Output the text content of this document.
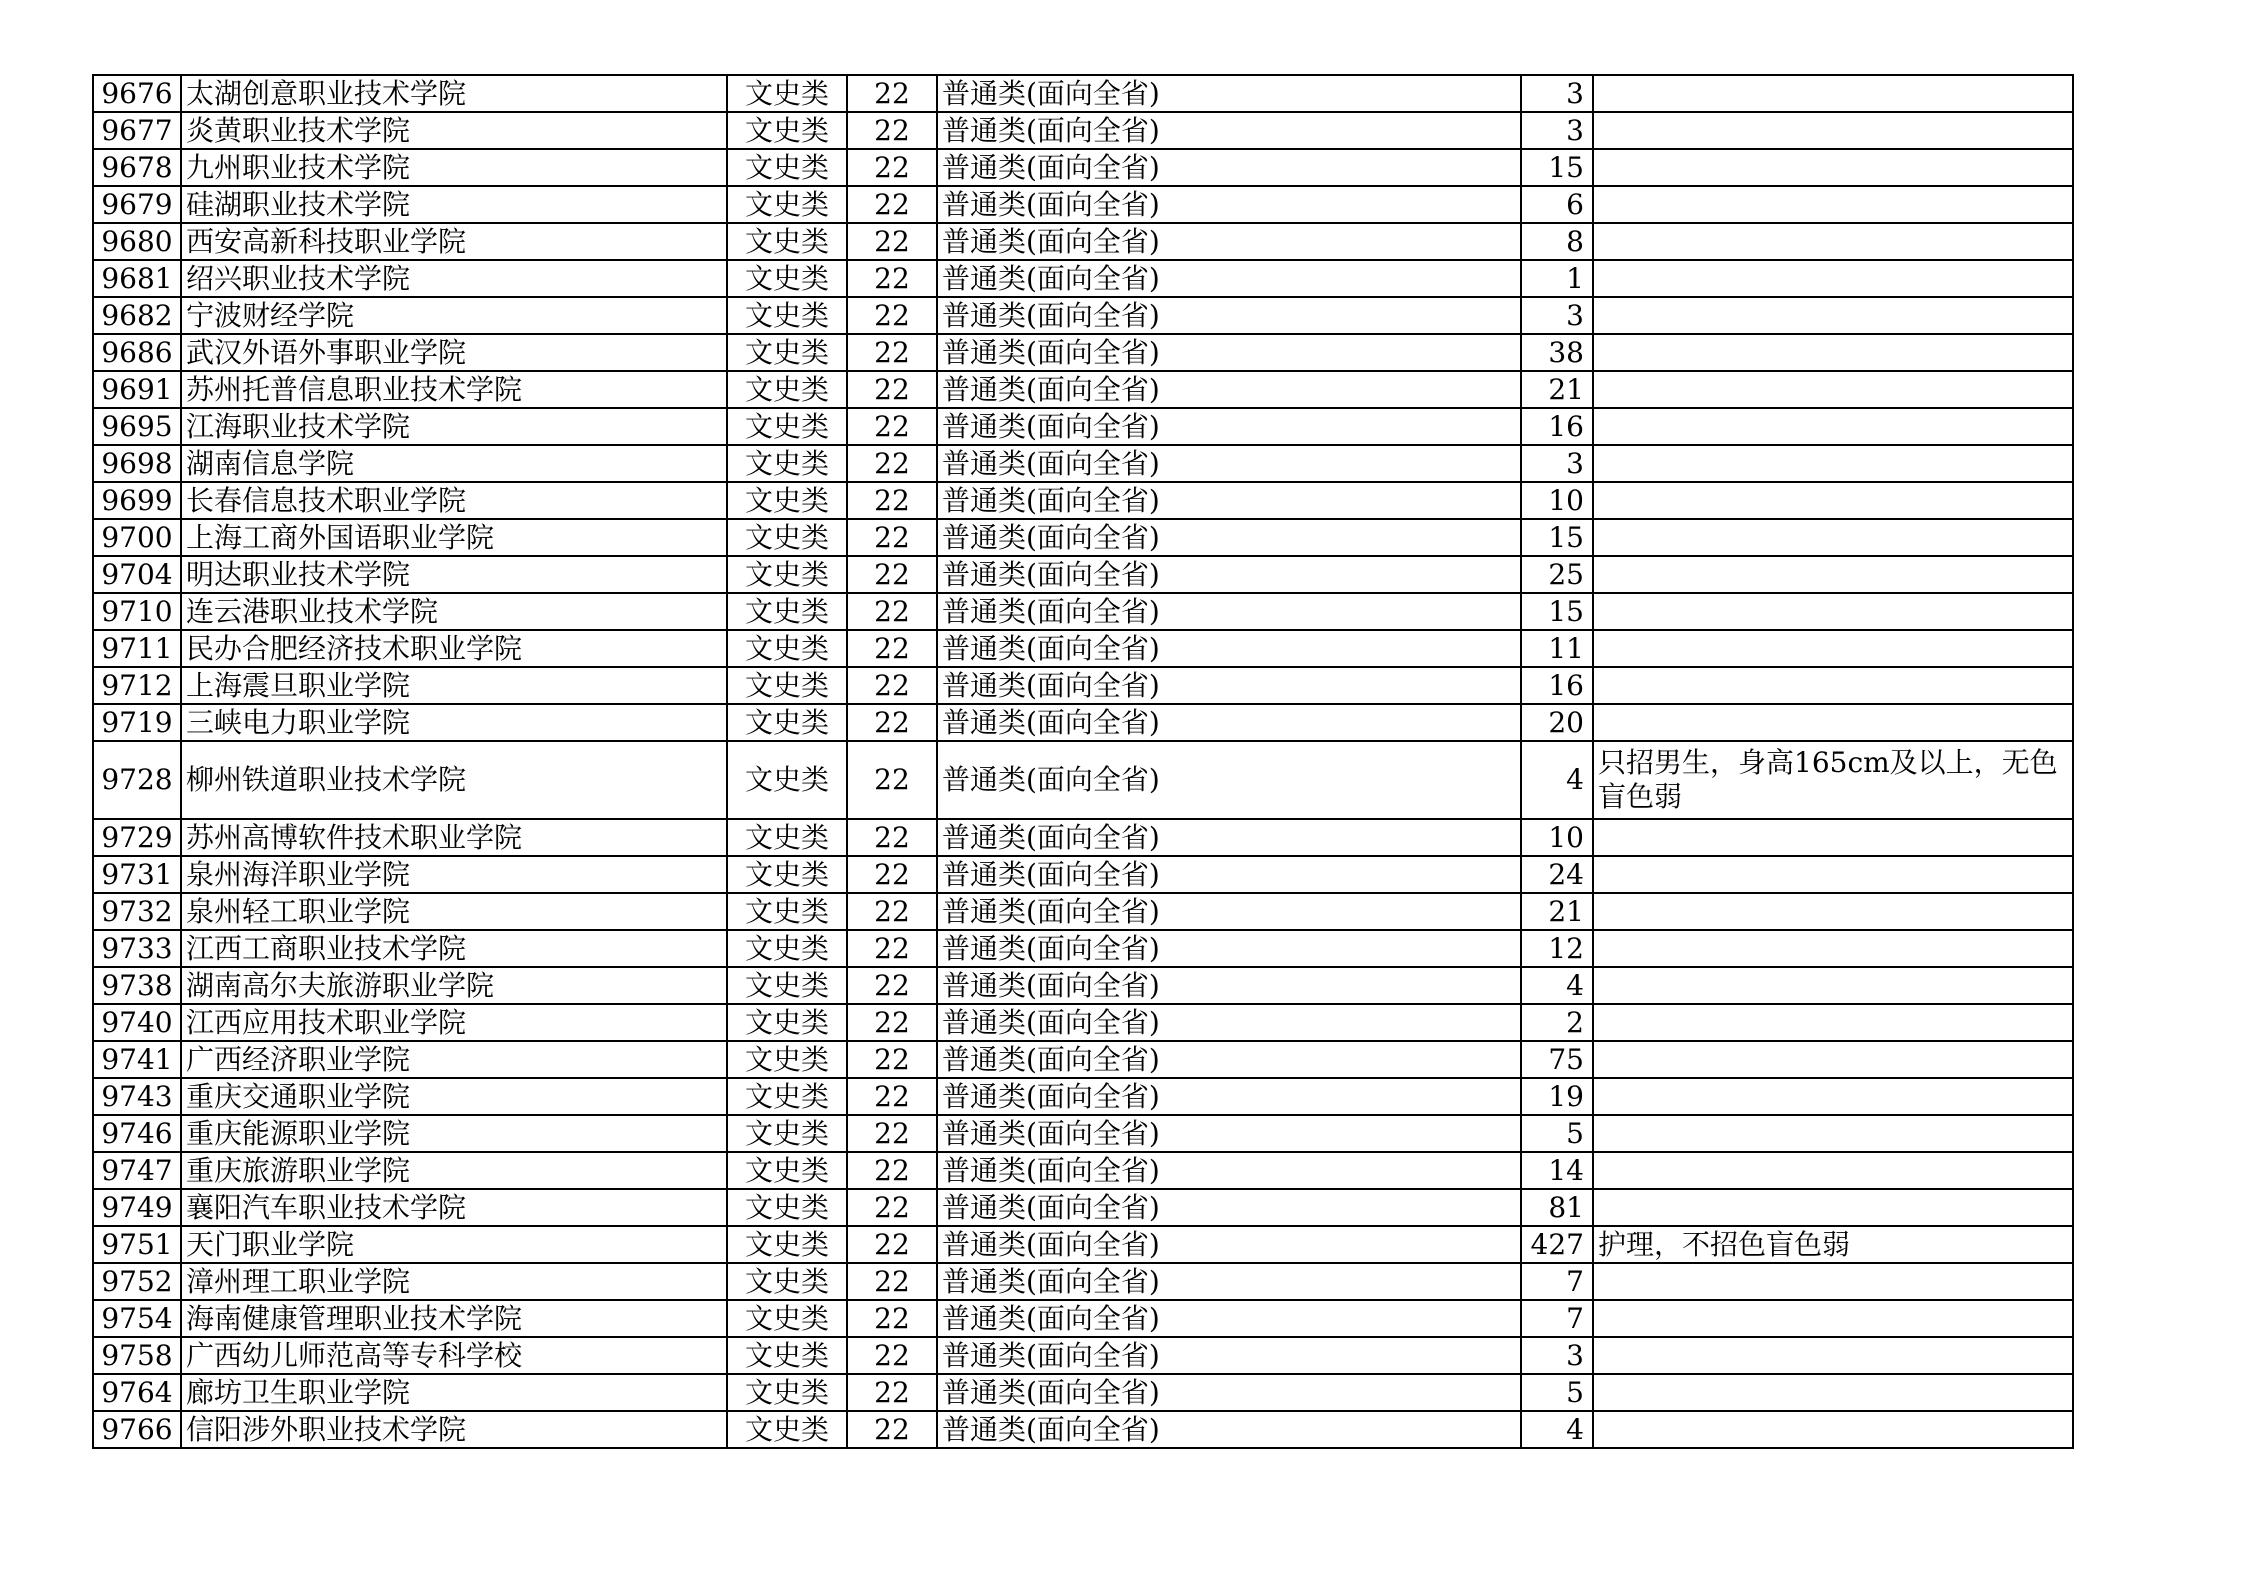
9676	太湖创意职业技术学院	文史类	22	普通类(面向全省)	3	
9677	炎黄职业技术学院	文史类	22	普通类(面向全省)	3	
9678	九州职业技术学院	文史类	22	普通类(面向全省)	15	
9679	硅湖职业技术学院	文史类	22	普通类(面向全省)	6	
9680	西安高新科技职业学院	文史类	22	普通类(面向全省)	8	
9681	绍兴职业技术学院	文史类	22	普通类(面向全省)	1	
9682	宁波财经学院	文史类	22	普通类(面向全省)	3	
9686	武汉外语外事职业学院	文史类	22	普通类(面向全省)	38	
9691	苏州托普信息职业技术学院	文史类	22	普通类(面向全省)	21	
9695	江海职业技术学院	文史类	22	普通类(面向全省)	16	
9698	湖南信息学院	文史类	22	普通类(面向全省)	3	
9699	长春信息技术职业学院	文史类	22	普通类(面向全省)	10	
9700	上海工商外国语职业学院	文史类	22	普通类(面向全省)	15	
9704	明达职业技术学院	文史类	22	普通类(面向全省)	25	
9710	连云港职业技术学院	文史类	22	普通类(面向全省)	15	
9711	民办合肥经济技术职业学院	文史类	22	普通类(面向全省)	11	
9712	上海震旦职业学院	文史类	22	普通类(面向全省)	16	
9719	三峡电力职业学院	文史类	22	普通类(面向全省)	20	
9728	柳州铁道职业技术学院	文史类	22	普通类(面向全省)	4	只招男生，身高165cm及以上，无色盲色弱
9729	苏州高博软件技术职业学院	文史类	22	普通类(面向全省)	10	
9731	泉州海洋职业学院	文史类	22	普通类(面向全省)	24	
9732	泉州轻工职业学院	文史类	22	普通类(面向全省)	21	
9733	江西工商职业技术学院	文史类	22	普通类(面向全省)	12	
9738	湖南高尔夫旅游职业学院	文史类	22	普通类(面向全省)	4	
9740	江西应用技术职业学院	文史类	22	普通类(面向全省)	2	
9741	广西经济职业学院	文史类	22	普通类(面向全省)	75	
9743	重庆交通职业学院	文史类	22	普通类(面向全省)	19	
9746	重庆能源职业学院	文史类	22	普通类(面向全省)	5	
9747	重庆旅游职业学院	文史类	22	普通类(面向全省)	14	
9749	襄阳汽车职业技术学院	文史类	22	普通类(面向全省)	81	
9751	天门职业学院	文史类	22	普通类(面向全省)	427	护理，不招色盲色弱
9752	漳州理工职业学院	文史类	22	普通类(面向全省)	7	
9754	海南健康管理职业技术学院	文史类	22	普通类(面向全省)	7	
9758	广西幼儿师范高等专科学校	文史类	22	普通类(面向全省)	3	
9764	廊坊卫生职业学院	文史类	22	普通类(面向全省)	5	
9766	信阳涉外职业技术学院	文史类	22	普通类(面向全省)	4	
